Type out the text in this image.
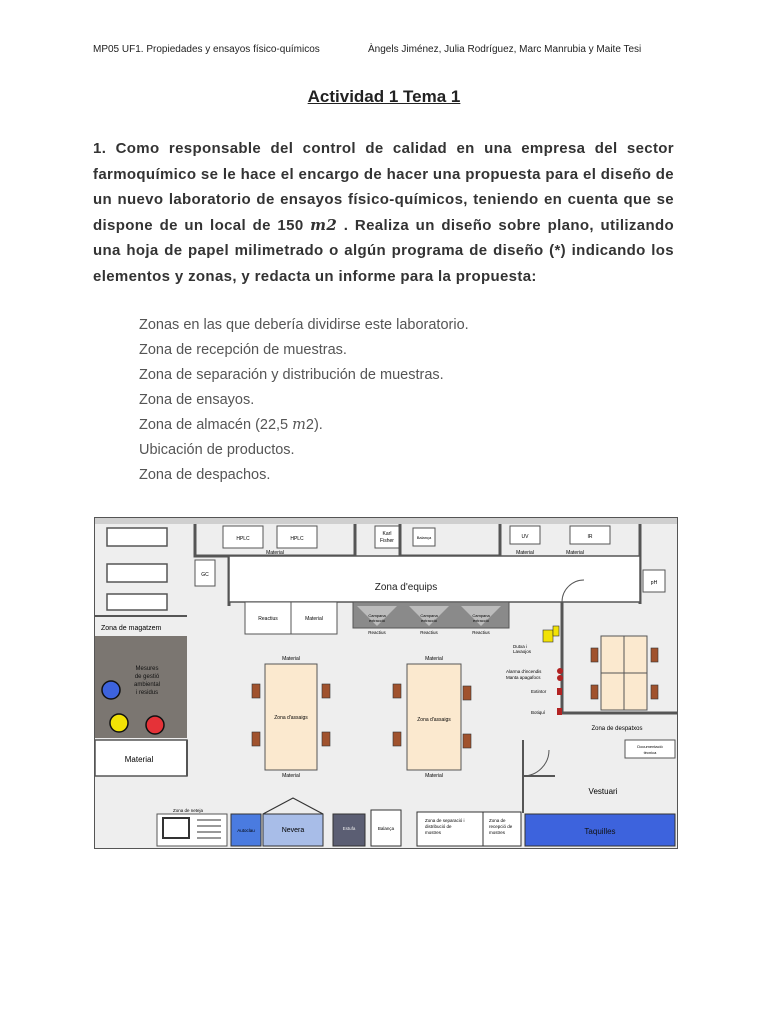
MP05 UF1. Propiedades y ensayos físico-químicos	Àngels Jiménez, Julia Rodríguez, Marc Manrubia y Maite Tesi
Actividad 1 Tema 1
1. Como responsable del control de calidad en una empresa del sector farmoquímico se le hace el encargo de hacer una propuesta para el diseño de un nuevo laboratorio de ensayos físico-químicos, teniendo en cuenta que se dispone de un local de 150 m2 . Realiza un diseño sobre plano, utilizando una hoja de papel milimetrado o algún programa de diseño (*) indicando los elementos y zonas, y redacta un informe para la propuesta:
Zonas en las que debería dividirse este laboratorio.
Zona de recepción de muestras.
Zona de separación y distribución de muestras.
Zona de ensayos.
Zona de almacén (22,5 m2).
Ubicación de productos.
Zona de despachos.
Zona d'equips
HPLC	HPLC
Material
GC
Karl
Fisher
Balança	UV	IR
Material	Material
pH
Zona de magatzem
Mesures
de gestió
ambiental
i residus
Material
Reactius	Material
Campana	Campana	Campana
extracció	extracció	extracció
Reactius	Reactius	Reactius
Material
Zona d'assaigs
Material
Material
Zona d'assaigs
Material
Dutxa i
Lavaojos
Alarma d'incendis
Manta apagafocs
Extintor
Botiquí
Zona de despatxos
Documentació
tècnica
Vestuari
Zona de neteja
Autoclau	Nevera	Estufa	Balança
Zona de separació i
distribució de
mostres
Zona de
recepció de
mostres	Taquilles
